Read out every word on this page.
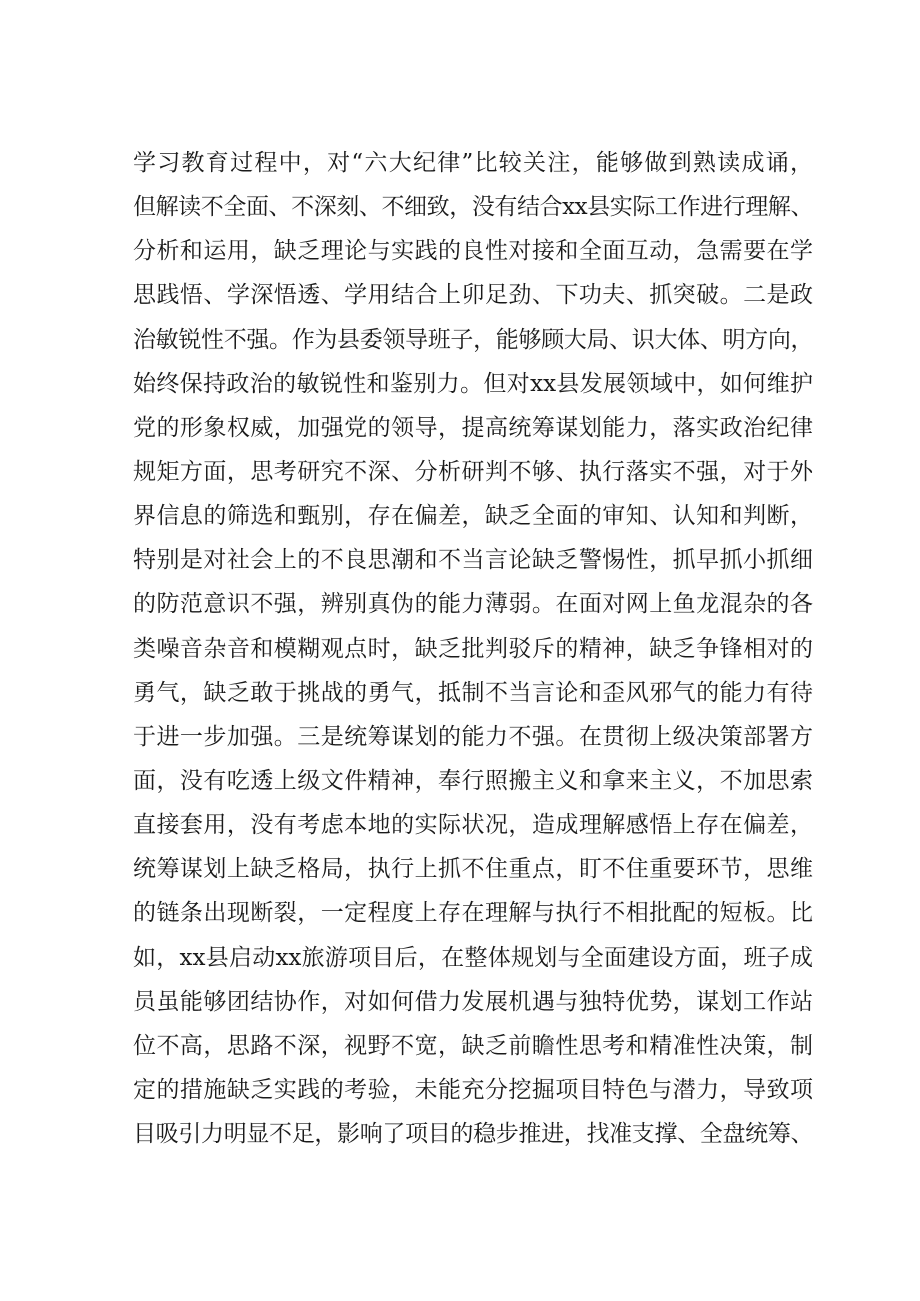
学习教育过程中，对“六大纪律”比较关注，能够做到熟读成诵，
但解读不全面、不深刻、不细致，没有结合xx县实际工作进行理解、
分析和运用，缺乏理论与实践的良性对接和全面互动，急需要在学
思践悟、学深悟透、学用结合上卯足劲、下功夫、抓突破。二是政
治敏锐性不强。作为县委领导班子，能够顾大局、识大体、明方向，
始终保持政治的敏锐性和鉴别力。但对xx县发展领域中，如何维护
党的形象权威，加强党的领导，提高统筹谋划能力，落实政治纪律
规矩方面，思考研究不深、分析研判不够、执行落实不强，对于外
界信息的筛选和甄别，存在偏差，缺乏全面的审知、认知和判断，
特别是对社会上的不良思潮和不当言论缺乏警惕性，抓早抓小抓细
的防范意识不强，辨别真伪的能力薄弱。在面对网上鱼龙混杂的各
类噪音杂音和模糊观点时，缺乏批判驳斥的精神，缺乏争锋相对的
勇气，缺乏敢于挑战的勇气，抵制不当言论和歪风邪气的能力有待
于进一步加强。三是统筹谋划的能力不强。在贯彻上级决策部署方
面，没有吃透上级文件精神，奉行照搬主义和拿来主义，不加思索
直接套用，没有考虑本地的实际状况，造成理解感悟上存在偏差，
统筹谋划上缺乏格局，执行上抓不住重点，盯不住重要环节，思维
的链条出现断裂，一定程度上存在理解与执行不相批配的短板。比
如，xx县启动xx旅游项目后，在整体规划与全面建设方面，班子成
员虽能够团结协作，对如何借力发展机遇与独特优势，谋划工作站
位不高，思路不深，视野不宽，缺乏前瞻性思考和精准性决策，制
定的措施缺乏实践的考验，未能充分挖掘项目特色与潜力，导致项
目吸引力明显不足，影响了项目的稳步推进，找准支撑、全盘统筹、
